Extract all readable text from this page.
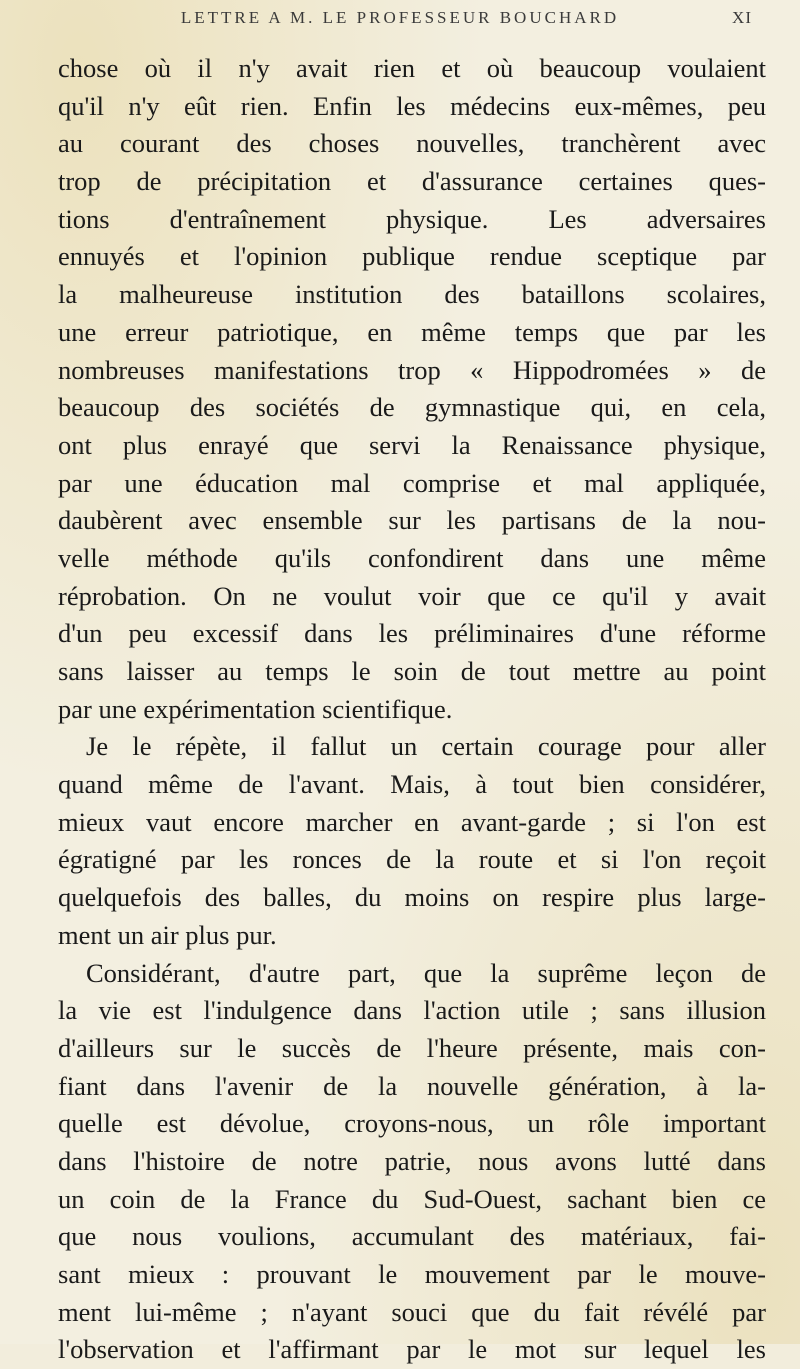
LETTRE A M. LE PROFESSEUR BOUCHARD	XI
chose où il n'y avait rien et où beaucoup voulaient
qu'il n'y eût rien. Enfin les médecins eux-mêmes, peu
au courant des choses nouvelles, tranchèrent avec
trop de précipitation et d'assurance certaines ques-
tions d'entraînement physique. Les adversaires
ennuyés et l'opinion publique rendue sceptique par
la malheureuse institution des bataillons scolaires,
une erreur patriotique, en même temps que par les
nombreuses manifestations trop « Hippodromées » de
beaucoup des sociétés de gymnastique qui, en cela,
ont plus enrayé que servi la Renaissance physique,
par une éducation mal comprise et mal appliquée,
daubèrent avec ensemble sur les partisans de la nou-
velle méthode qu'ils confondirent dans une même
réprobation. On ne voulut voir que ce qu'il y avait
d'un peu excessif dans les préliminaires d'une réforme
sans laisser au temps le soin de tout mettre au point
par une expérimentation scientifique.
Je le répète, il fallut un certain courage pour aller
quand même de l'avant. Mais, à tout bien considérer,
mieux vaut encore marcher en avant-garde ; si l'on est
égratigné par les ronces de la route et si l'on reçoit
quelquefois des balles, du moins on respire plus large-
ment un air plus pur.
Considérant, d'autre part, que la suprême leçon de
la vie est l'indulgence dans l'action utile ; sans illusion
d'ailleurs sur le succès de l'heure présente, mais con-
fiant dans l'avenir de la nouvelle génération, à la-
quelle est dévolue, croyons-nous, un rôle important
dans l'histoire de notre patrie, nous avons lutté dans
un coin de la France du Sud-Ouest, sachant bien ce
que nous voulions, accumulant des matériaux, fai-
sant mieux : prouvant le mouvement par le mouve-
ment lui-même ; n'ayant souci que du fait révélé par
l'observation et l'affirmant par le mot sur lequel les
